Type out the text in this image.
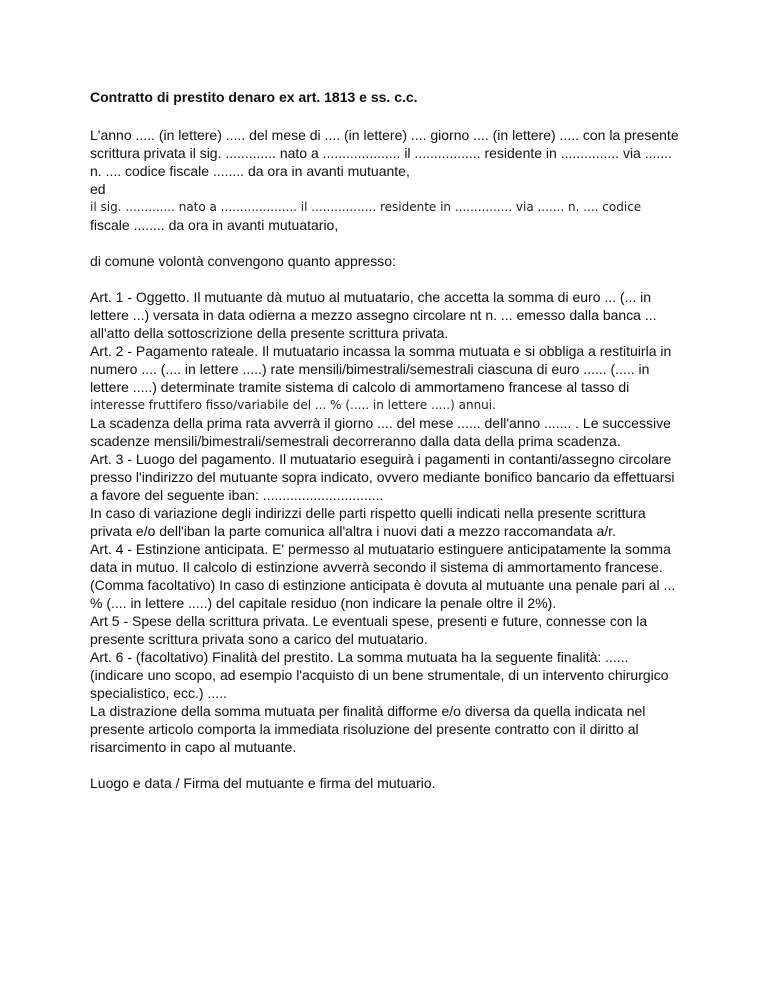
Contratto di prestito denaro ex art. 1813 e ss. c.c.
L'anno ..... (in lettere) ..... del mese di .... (in lettere) .... giorno .... (in lettere) ..... con la presente
scrittura privata il sig. ............. nato a .................... il ................. residente in ............... via .......
n. .... codice fiscale ........ da ora in avanti mutuante,
ed
il sig. ............. nato a .................... il ................. residente in ............... via ....... n. .... codice
fiscale ........ da ora in avanti mutuatario,
di comune volontà convengono quanto appresso:
Art. 1 - Oggetto. Il mutuante dà mutuo al mutuatario, che accetta la somma di euro ... (... in
lettere ...) versata in data odierna a mezzo assegno circolare nt n. ... emesso dalla banca ...
all'atto della sottoscrizione della presente scrittura privata.
Art. 2 - Pagamento rateale. Il mutuatario incassa la somma mutuata e si obbliga a restituirla in
numero .... (.... in lettere .....) rate mensili/bimestrali/semestrali ciascuna di euro ...... (..... in
lettere .....) determinate tramite sistema di calcolo di ammortameno francese al tasso di
interesse fruttifero fisso/variabile del ... % (..... in lettere .....) annui.
La scadenza della prima rata avverrà il giorno .... del mese ...... dell'anno ....... . Le successive
scadenze mensili/bimestrali/semestrali decorreranno dalla data della prima scadenza.
Art. 3 - Luogo del pagamento. Il mutuatario eseguirà i pagamenti in contanti/assegno circolare
presso l'indirizzo del mutuante sopra indicato, ovvero mediante bonifico bancario da effettuarsi
a favore del seguente iban: ...............................
In caso di variazione degli indirizzi delle parti rispetto quelli indicati nella presente scrittura
privata e/o dell'iban la parte comunica all'altra i nuovi dati a mezzo raccomandata a/r.
Art. 4 - Estinzione anticipata. E' permesso al mutuatario estinguere anticipatamente la somma
data in mutuo. Il calcolo di estinzione avverrà secondo il sistema di ammortamento francese.
(Comma facoltativo) In caso di estinzione anticipata è dovuta al mutuante una penale pari al ...
% (.... in lettere .....) del capitale residuo (non indicare la penale oltre il 2%).
Art 5 - Spese della scrittura privata. Le eventuali spese, presenti e future, connesse con la
presente scrittura privata sono a carico del mutuatario.
Art. 6 - (facoltativo) Finalità del prestito. La somma mutuata ha la seguente finalità: ......
(indicare uno scopo, ad esempio l'acquisto di un bene strumentale, di un intervento chirurgico
specialistico, ecc.) .....
La distrazione della somma mutuata per finalità difforme e/o diversa da quella indicata nel
presente articolo comporta la immediata risoluzione del presente contratto con il diritto al
risarcimento in capo al mutuante.
Luogo e data / Firma del mutuante e firma del mutuario.
